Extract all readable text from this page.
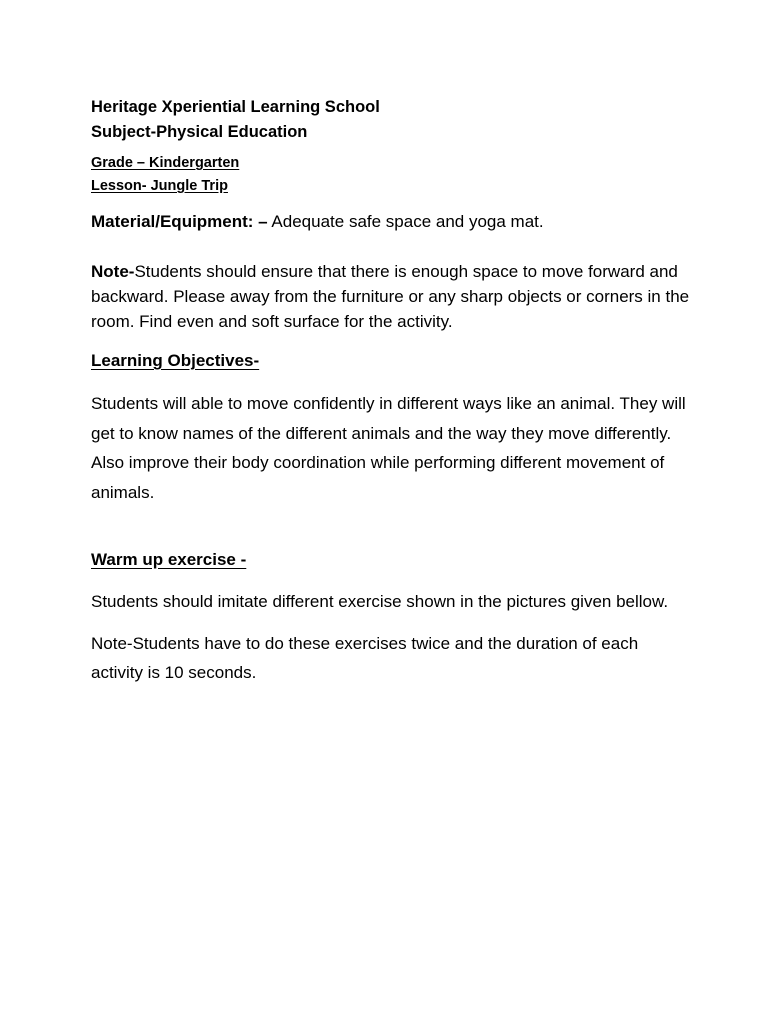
Heritage Xperiential Learning School

Subject-Physical Education

Grade – Kindergarten

Lesson- Jungle Trip

Material/Equipment: – Adequate safe space and yoga mat.

Note-Students should ensure that there is enough space to move forward and backward. Please away from the furniture or any sharp objects or corners in the room. Find even and soft surface for the activity.

Learning Objectives-

Students will able to move confidently in different ways like an animal. They will get to know names of the different animals and the way they move differently. Also improve their body coordination while performing different movement of animals.

Warm up exercise -

Students should imitate different exercise shown in the pictures given bellow.

Note-Students have to do these exercises twice and the duration of each activity is 10 seconds.
